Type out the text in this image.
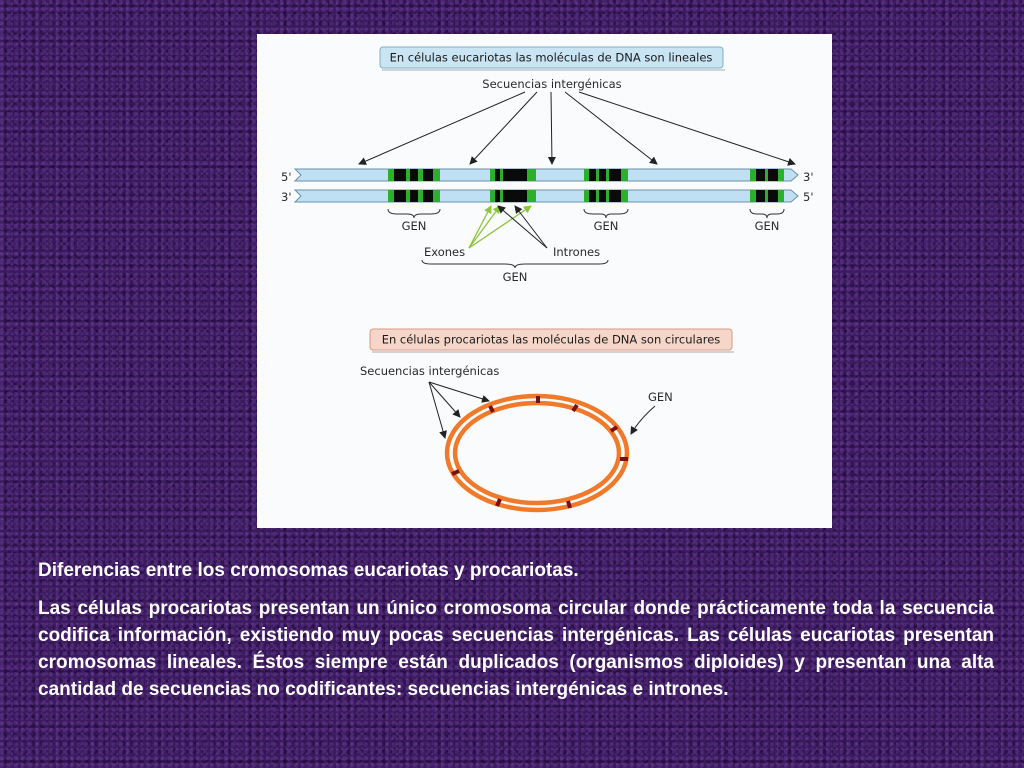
En células eucariotas las moléculas de DNA son lineales
Secuencias intergénicas
5'
3'
3'
5'
GEN	GEN	GEN
Exones	Intrones
GEN
En células procariotas las moléculas de DNA son circulares
Secuencias intergénicas
GEN

Diferencias entre los cromosomas eucariotas y procariotas.

Las células procariotas presentan un único cromosoma circular donde prácticamente toda la secuencia codifica información, existiendo muy pocas secuencias intergénicas. Las células eucariotas presentan cromosomas lineales. Éstos siempre están duplicados (organismos diploides) y presentan una alta cantidad de secuencias no codificantes: secuencias intergénicas e intrones.
